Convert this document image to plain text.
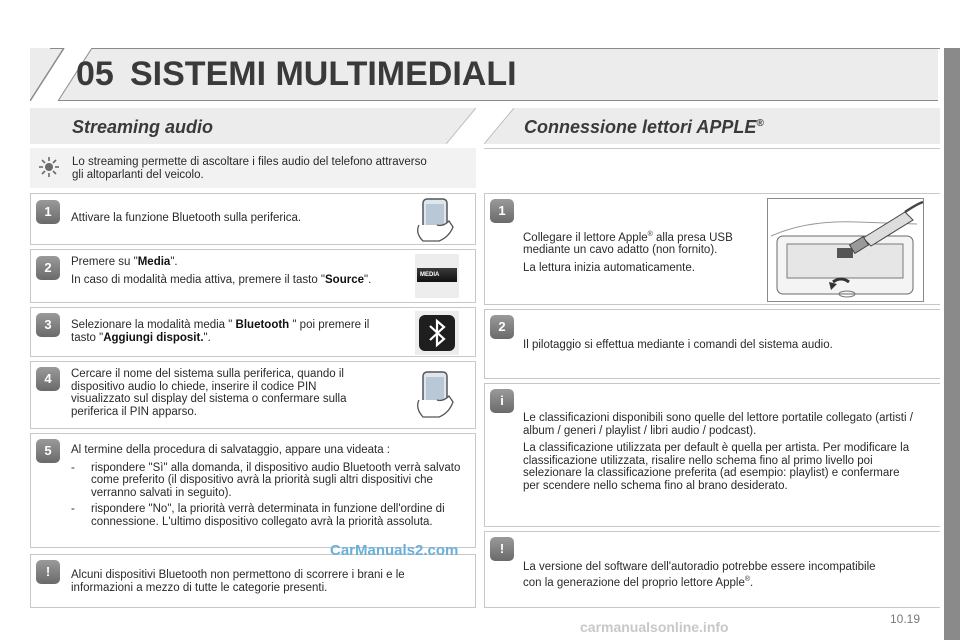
05 SISTEMI MULTIMEDIALI
Streaming audio
Lo streaming permette di ascoltare i files audio del telefono attraverso gli altoparlanti del veicolo.
1	Attivare la funzione Bluetooth sulla periferica.
2	Premere su "Media".

In caso di modalità media attiva, premere il tasto "Source".	MEDIA
3	Selezionare la modalità media " Bluetooth " poi premere il tasto "Aggiungi disposit.".
4	Cercare il nome del sistema sulla periferica, quando il dispositivo audio lo chiede, inserire il codice PIN visualizzato sul display del sistema o confermare sulla periferica il PIN apparso.
5	Al termine della procedura di salvataggio, appare una videata :

-	rispondere "Sì" alla domanda, il dispositivo audio Bluetooth verrà salvato come preferito (il dispositivo avrà la priorità sugli altri dispositivi che verranno salvati in seguito).
-	rispondere "No", la priorità verrà determinata in funzione dell'ordine di connessione. L'ultimo dispositivo collegato avrà la priorità assoluta.
!	Alcuni dispositivi Bluetooth non permettono di scorrere i brani e le informazioni a mezzo di tutte le categorie presenti.
Connessione lettori APPLE®
1

Collegare il lettore Apple® alla presa USB mediante un cavo adatto (non fornito).

La lettura inizia automaticamente.

2
Il pilotaggio si effettua mediante i comandi del sistema audio.
i

Le classificazioni disponibili sono quelle del lettore portatile collegato (artisti / album / generi / playlist / libri audio / podcast).

La classificazione utilizzata per default è quella per artista. Per modificare la classificazione utilizzata, risalire nello schema fino al primo livello poi selezionare la classificazione preferita (ad esempio: playlist) e confermare per scendere nello schema fino al brano desiderato.

!
La versione del software dell'autoradio potrebbe essere incompatibile con la generazione del proprio lettore Apple®.
CarManuals2.com
carmanualsonline.info	10.19
